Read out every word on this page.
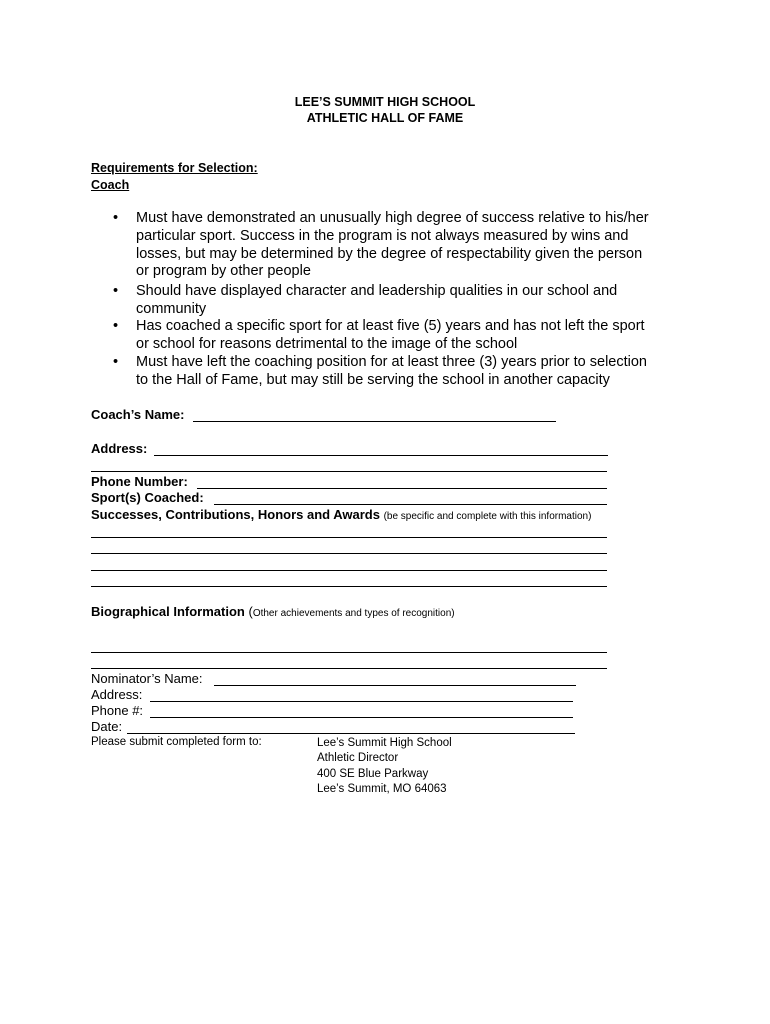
LEE’S SUMMIT HIGH SCHOOL
ATHLETIC HALL OF FAME
Requirements for Selection:
Coach
• Must have demonstrated an unusually high degree of success relative to his/her
particular sport. Success in the program is not always measured by wins and
losses, but may be determined by the degree of respectability given the person
or program by other people
• Should have displayed character and leadership qualities in our school and
community
• Has coached a specific sport for at least five (5) years and has not left the sport
or school for reasons detrimental to the image of the school
• Must have left the coaching position for at least three (3) years prior to selection
to the Hall of Fame, but may still be serving the school in another capacity
Coach’s Name:
Address:
Phone Number:
Sport(s) Coached:
Successes, Contributions, Honors and Awards (be specific and complete with this information)
Biographical Information (Other achievements and types of recognition)
Nominator’s Name:
Address:
Phone #:
Date:
Please submit completed form to:	Lee’s Summit High School
Athletic Director
400 SE Blue Parkway
Lee’s Summit, MO 64063
